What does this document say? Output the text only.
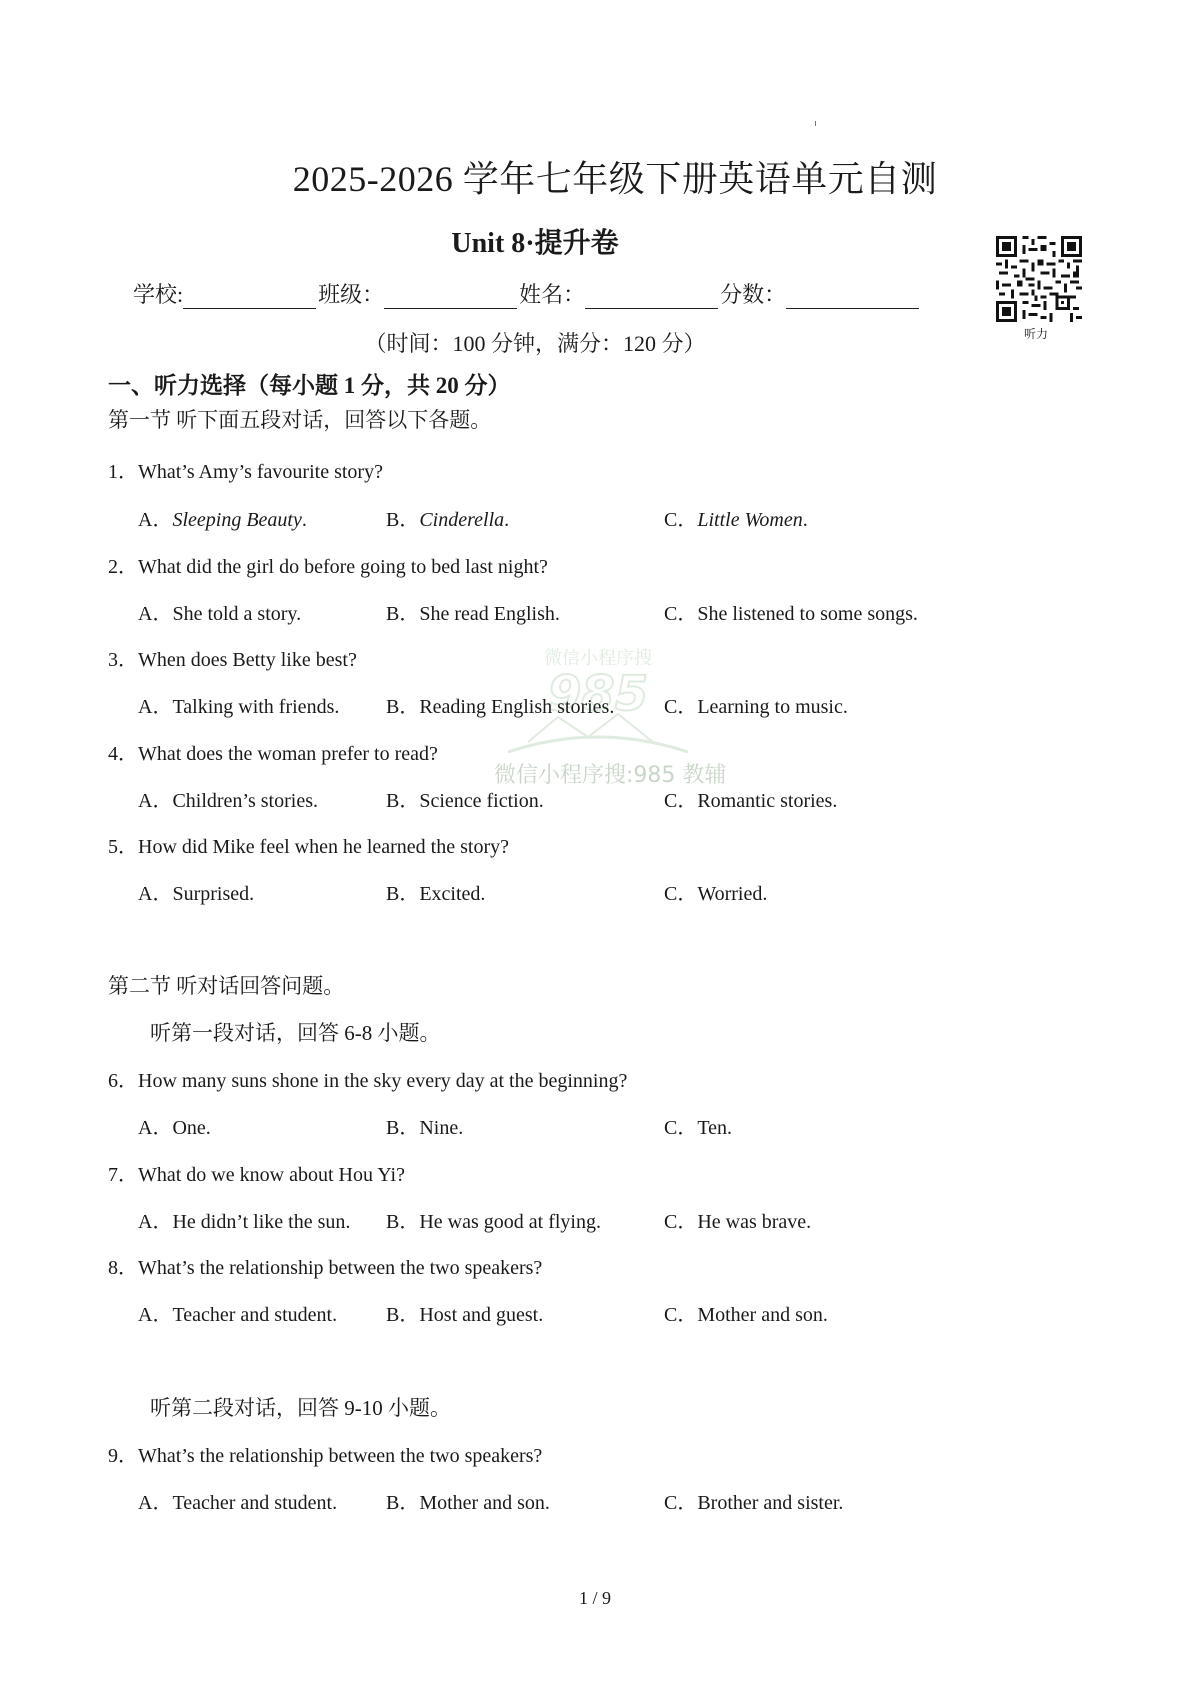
2025-2026 学年七年级下册英语单元自测
Unit 8·提升卷
学校:	班级：	姓名：	分数：
（时间：100 分钟，满分：120 分）	听力
一、听力选择（每小题 1 分，共 20 分）
第一节 听下面五段对话，回答以下各题。
1．What’s Amy’s favourite story?
A．Sleeping Beauty.	B．Cinderella.	C．Little Women.
2．What did the girl do before going to bed last night?
A．She told a story.	B．She read English.	C．She listened to some songs.
3．When does Betty like best?
A．Talking with friends. B．Reading English stories. C．Learning to music.
4．What does the woman prefer to read?
A．Children’s stories.	B．Science fiction.	C．Romantic stories.
5．How did Mike feel when he learned the story?
A．Surprised.	B．Excited.	C．Worried.
第二节 听对话回答问题。
听第一段对话，回答 6-8 小题。
6．How many suns shone in the sky every day at the beginning?
A．One.	B．Nine.	C．Ten.
7．What do we know about Hou Yi?
A．He didn’t like the sun. B．He was good at flying.	C．He was brave.
8．What’s the relationship between the two speakers?
A．Teacher and student. B．Host and guest.	C．Mother and son.
听第二段对话，回答 9-10 小题。
9．What’s the relationship between the two speakers?
A．Teacher and student. B．Mother and son.	C．Brother and sister.
微信小程序搜
985
微信小程序搜:985 教辅
1 / 9
